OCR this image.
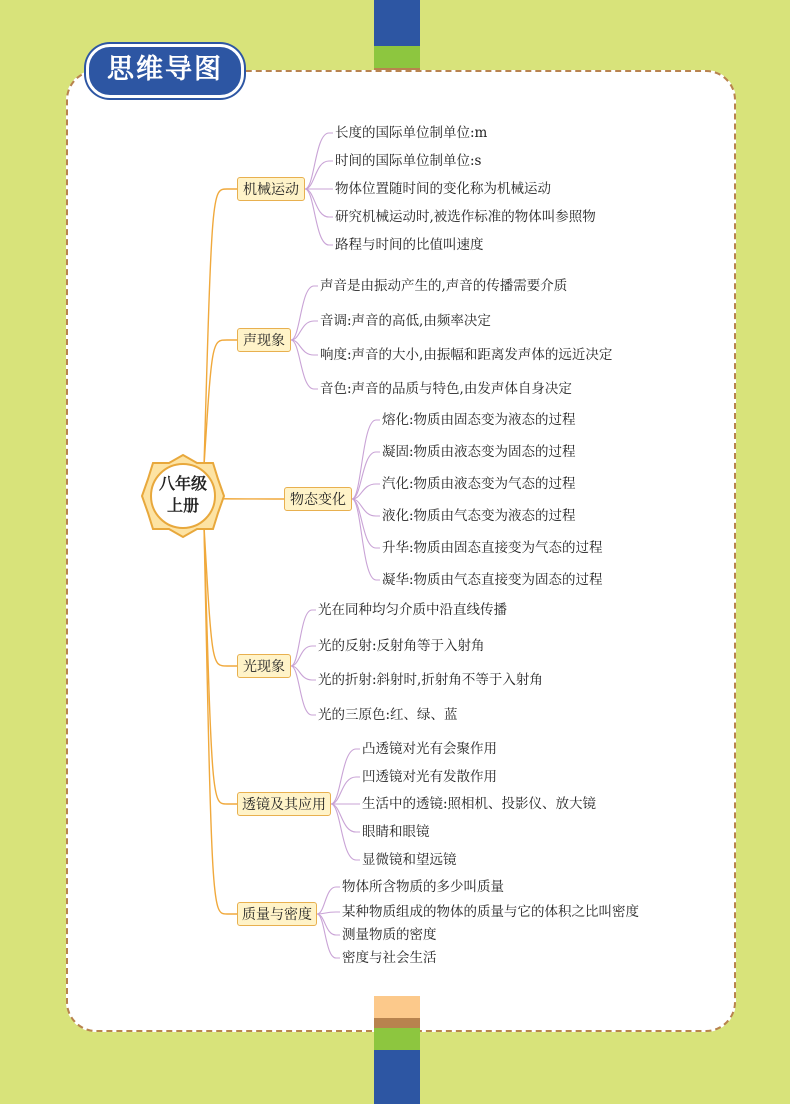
思维导图
八年级
上册
机械运动
声现象
物态变化
光现象
透镜及其应用
质量与密度
长度的国际单位制单位:m
时间的国际单位制单位:s
物体位置随时间的变化称为机械运动
研究机械运动时,被选作标准的物体叫参照物
路程与时间的比值叫速度
声音是由振动产生的,声音的传播需要介质
音调:声音的高低,由频率决定
响度:声音的大小,由振幅和距离发声体的远近决定
音色:声音的品质与特色,由发声体自身决定
熔化:物质由固态变为液态的过程
凝固:物质由液态变为固态的过程
汽化:物质由液态变为气态的过程
液化:物质由气态变为液态的过程
升华:物质由固态直接变为气态的过程
凝华:物质由气态直接变为固态的过程
光在同种均匀介质中沿直线传播
光的反射:反射角等于入射角
光的折射:斜射时,折射角不等于入射角
光的三原色:红、绿、蓝
凸透镜对光有会聚作用
凹透镜对光有发散作用
生活中的透镜:照相机、投影仪、放大镜
眼睛和眼镜
显微镜和望远镜
物体所含物质的多少叫质量
某种物质组成的物体的质量与它的体积之比叫密度
测量物质的密度
密度与社会生活
